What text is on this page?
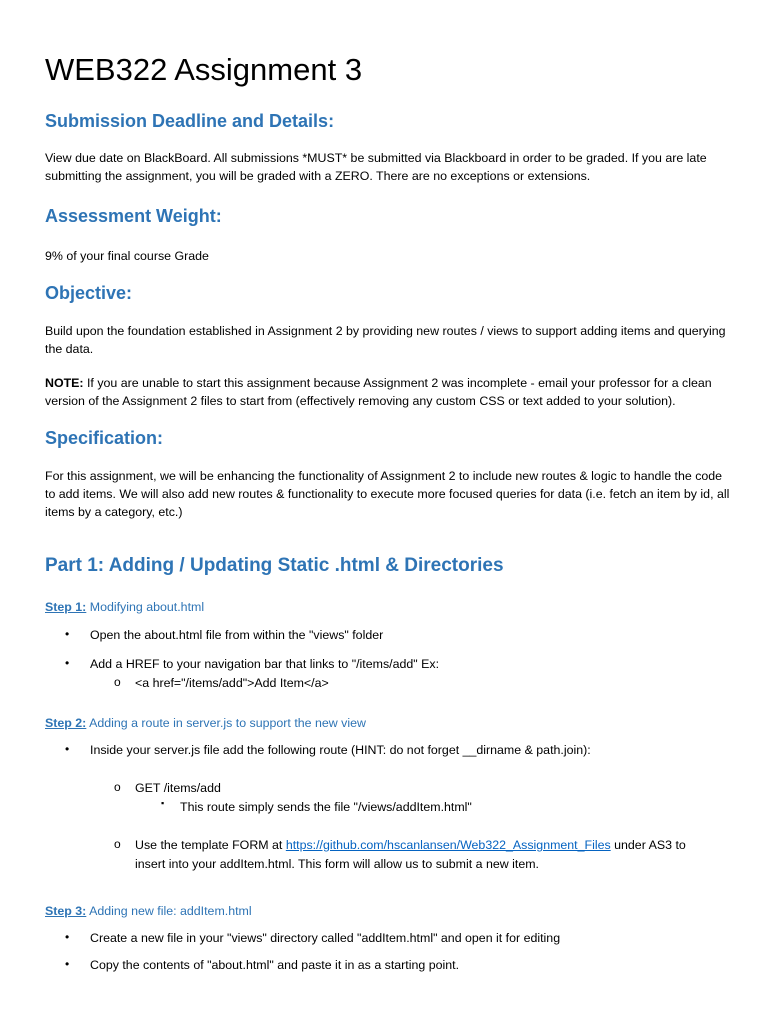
WEB322 Assignment 3
Submission Deadline and Details:

View due date on BlackBoard. All submissions *MUST* be submitted via Blackboard in order to be graded. If you are late submitting the assignment, you will be graded with a ZERO. There are no exceptions or extensions.

Assessment Weight:

9% of your final course Grade

Objective:

Build upon the foundation established in Assignment 2 by providing new routes / views to support adding items and querying the data.

NOTE: If you are unable to start this assignment because Assignment 2 was incomplete - email your professor for a clean version of the Assignment 2 files to start from (effectively removing any custom CSS or text added to your solution).

Specification:

For this assignment, we will be enhancing the functionality of Assignment 2 to include new routes & logic to handle the code to add items. We will also add new routes & functionality to execute more focused queries for data (i.e. fetch an item by id, all items by a category, etc.)

Part 1: Adding / Updating Static .html & Directories
Step 1: Modifying about.html
• Open the about.html file from within the "views" folder
• Add a HREF to your navigation bar that links to "/items/add" Ex:
o <a href="/items/add">Add Item</a>
Step 2: Adding a route in server.js to support the new view
• Inside your server.js file add the following route (HINT: do not forget __dirname & path.join):
o GET /items/add
▪ This route simply sends the file "/views/addItem.html"
o Use the template FORM at https://github.com/hscanlansen/Web322_Assignment_Files under AS3 to
insert into your addItem.html. This form will allow us to submit a new item.
Step 3: Adding new file: addItem.html
• Create a new file in your "views" directory called "addItem.html" and open it for editing
• Copy the contents of "about.html" and paste it in as a starting point.
